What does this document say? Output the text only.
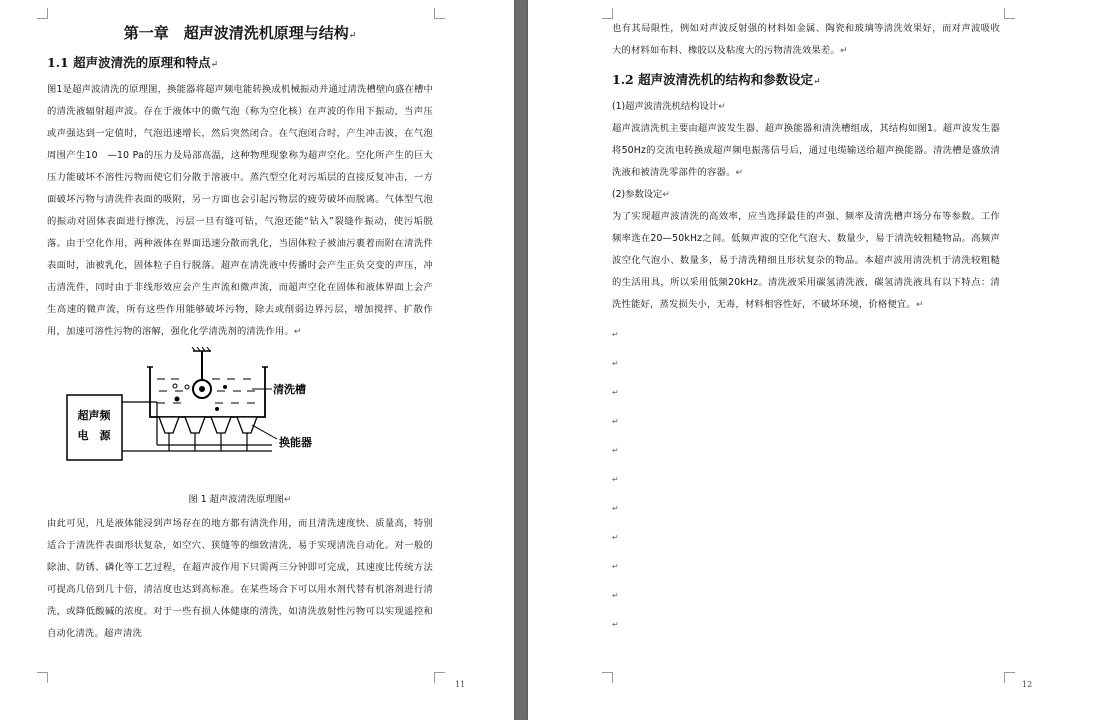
第一章　超声波清洗机原理与结构↵
1.1 超声波清洗的原理和特点↵

图1是超声波清洗的原理图，换能器将超声频电能转换成机械振动并通过清洗槽壁向盛在槽中的清洗液辐射超声波。存在于液体中的微气泡（称为空化核）在声波的作用下振动，当声压或声强达到一定值时，气泡迅速增长，然后突然闭合。在气泡闭合时，产生冲击波，在气泡周围产生10　—10 Pa的压力及局部高温，这种物理现象称为超声空化。空化所产生的巨大压力能破坏不溶性污物而使它们分散于溶液中。蒸汽型空化对污垢层的直接反复冲击，一方面破坏污物与清洗件表面的吸附，另一方面也会引起污物层的疲劳破坏而脱离。气体型气泡的振动对固体表面进行擦洗，污层一旦有缝可钻，气泡还能“钻入”裂缝作振动，使污垢脱落。由于空化作用，两种液体在界面迅速分散而乳化，当固体粒子被油污裹着而附在清洗件表面时，油被乳化，固体粒子自行脱落。超声在清洗液中传播时会产生正负交变的声压，冲击清洗件，同时由于非线形效应会产生声流和微声流，而超声空化在固体和液体界面上会产生高速的微声流，所有这些作用能够破坏污物，除去或削弱边界污层，增加搅拌、扩散作用，加速可溶性污物的溶解，强化化学清洗剂的清洗作用。↵

超声频
电　源
清洗槽
换能器
图 1 超声波清洗原理图↵

由此可见，凡是液体能浸到声场存在的地方都有清洗作用，而且清洗速度快、质量高，特别适合于清洗件表面形状复杂，如空穴、狭缝等的细致清洗，易于实现清洗自动化。对一般的除油、防锈、磷化等工艺过程，在超声波作用下只需两三分钟即可完成，其速度比传统方法可提高几倍到几十倍，清洁度也达到高标准。在某些场合下可以用水剂代替有机溶剂进行清洗，或降低酸碱的浓度。对于一些有损人体健康的清洗，如清洗放射性污物可以实现遥控和自动化清洗。超声清洗

11

也有其局限性，例如对声波反射强的材料如金属、陶瓷和玻璃等清洗效果好，而对声波吸收大的材料如布料、橡胶以及粘度大的污物清洗效果差。↵

1.2 超声波清洗机的结构和参数设定↵

(1)超声波清洗机结构设计↵

超声波清洗机主要由超声波发生器、超声换能器和清洗槽组成，其结构如图1。超声波发生器将50Hz的交流电转换成超声频电振荡信号后，通过电缆输送给超声换能器。清洗槽是盛放清洗液和被清洗零部件的容器。↵

(2)参数设定↵

为了实现超声波清洗的高效率，应当选择最佳的声强、频率及清洗槽声场分布等参数。工作频率选在20—50kHz之间。低频声波的空化气泡大、数量少，易于清洗较粗糙物品。高频声波空化气泡小、数量多，易于清洗精细且形状复杂的物品。本超声波用清洗机于清洗较粗糙的生活用具，所以采用低频20kHz。清洗液采用碳氢清洗液，碳氢清洗液具有以下特点：清洗性能好，蒸发损失小，无毒，材料相容性好，不破坏环境，价格便宜。↵

↵
↵
↵
↵
↵
↵
↵
↵
↵
↵
↵
12
